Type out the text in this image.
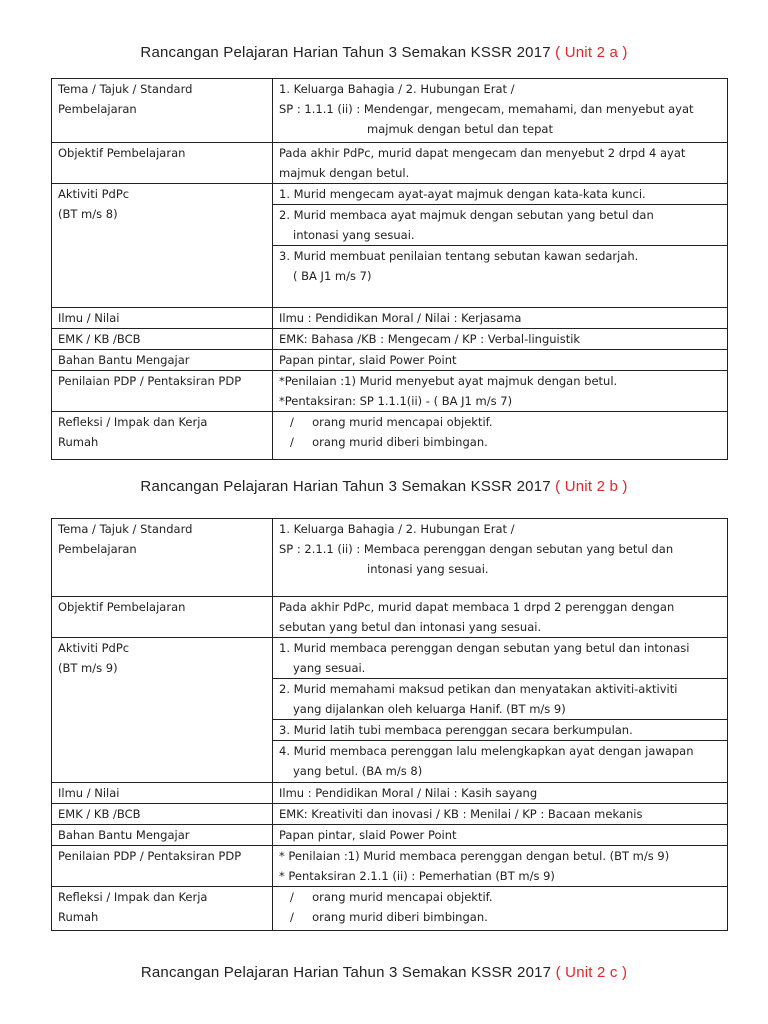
Rancangan Pelajaran Harian Tahun 3 Semakan KSSR 2017 ( Unit 2 a )
Tema / Tajuk / Standard Pembelajaran	1. Keluarga Bahagia / 2. Hubungan Erat /
SP : 1.1.1 (ii) : Mendengar, mengecam, memahami, dan menyebut ayat
majmuk dengan betul dan tepat

Objektif Pembelajaran	Pada akhir PdPc, murid dapat mengecam dan menyebut 2 drpd 4 ayat
majmuk dengan betul.

Aktiviti PdPc
(BT m/s 8)	1. Murid mengecam ayat-ayat majmuk dengan kata-kata kunci.

	2. Murid membaca ayat majmuk dengan sebutan yang betul dan
intonasi yang sesuai.

	3. Murid membuat penilaian tentang sebutan kawan sedarjah.
( BA J1 m/s 7)

Ilmu / Nilai	Ilmu : Pendidikan Moral / Nilai : Kerjasama
EMK / KB /BCB	EMK: Bahasa /KB : Mengecam / KP : Verbal-linguistik
Bahan Bantu Mengajar	Papan pintar, slaid Power Point
Penilaian PDP / Pentaksiran PDP	*Penilaian :1) Murid menyebut ayat majmuk dengan betul.
*Pentaksiran: SP 1.1.1(ii) - ( BA J1 m/s 7)

Refleksi / Impak dan Kerja
Rumah	/     orang murid mencapai objektif.
/     orang murid diberi bimbingan.
Rancangan Pelajaran Harian Tahun 3 Semakan KSSR 2017 ( Unit 2 b )
Tema / Tajuk / Standard Pembelajaran	1. Keluarga Bahagia / 2. Hubungan Erat /
SP : 2.1.1 (ii) : Membaca perenggan dengan sebutan yang betul dan
intonasi yang sesuai.

Objektif Pembelajaran	Pada akhir PdPc, murid dapat membaca 1 drpd 2 perenggan dengan
sebutan yang betul dan intonasi yang sesuai.

Aktiviti PdPc
(BT m/s 9)	1. Murid membaca perenggan dengan sebutan yang betul dan intonasi
yang sesuai.

	2. Murid memahami maksud petikan dan menyatakan aktiviti-aktiviti
yang dijalankan oleh keluarga Hanif. (BT m/s 9)

	3. Murid latih tubi membaca perenggan secara berkumpulan.

	4. Murid membaca perenggan lalu melengkapkan ayat dengan jawapan
yang betul. (BA m/s 8)

Ilmu / Nilai	Ilmu : Pendidikan Moral / Nilai : Kasih sayang
EMK / KB /BCB	EMK: Kreativiti dan inovasi / KB : Menilai / KP : Bacaan mekanis
Bahan Bantu Mengajar	Papan pintar, slaid Power Point
Penilaian PDP / Pentaksiran PDP	* Penilaian :1) Murid membaca perenggan dengan betul. (BT m/s 9)
* Pentaksiran 2.1.1 (ii) : Pemerhatian (BT m/s 9)

Refleksi / Impak dan Kerja
Rumah	/     orang murid mencapai objektif.
/     orang murid diberi bimbingan.
Rancangan Pelajaran Harian Tahun 3 Semakan KSSR 2017 ( Unit 2 c )
